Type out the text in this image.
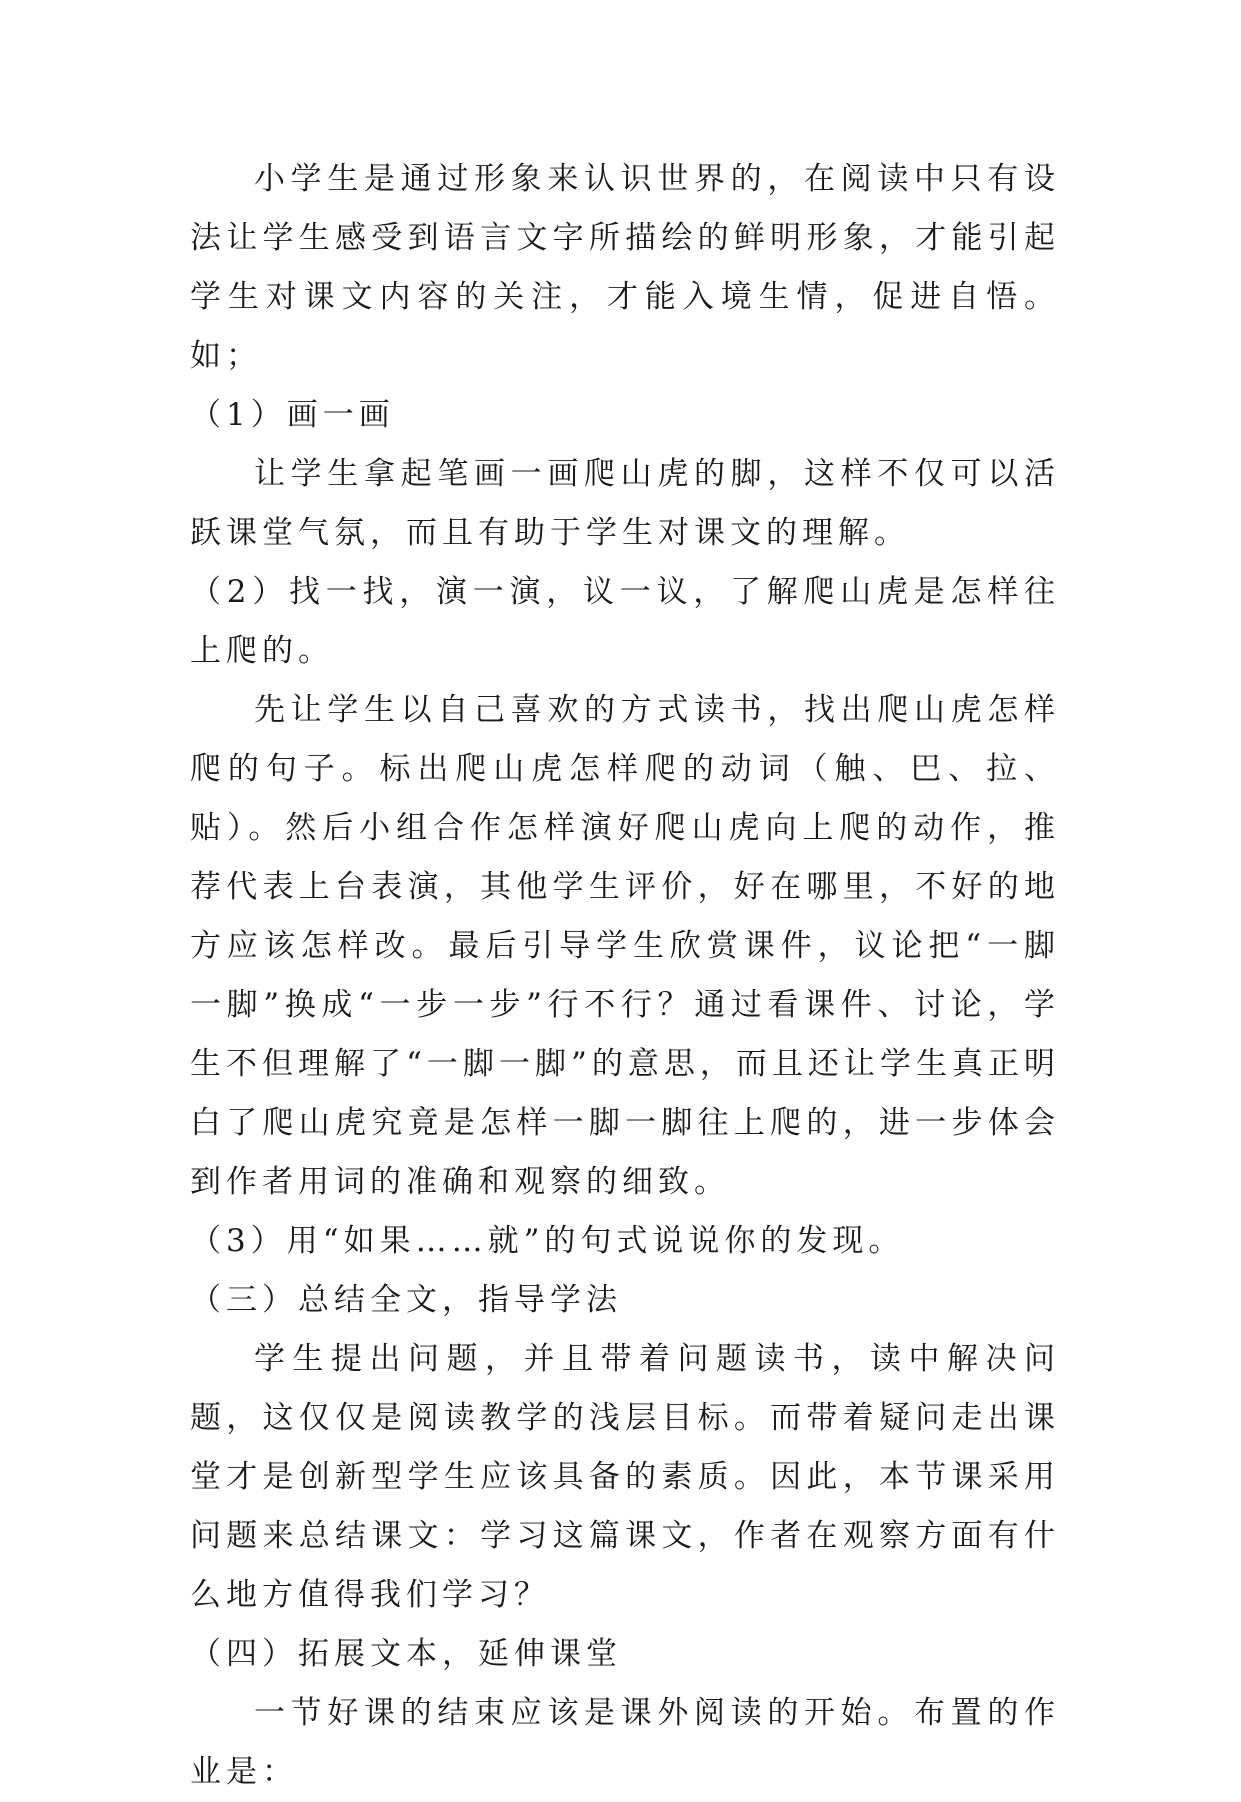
小学生是通过形象来认识世界的，在阅读中只有设法让学生感受到语言文字所描绘的鲜明形象，才能引起学生对课文内容的关注，才能入境生情，促进自悟。如；

（1）画一画

让学生拿起笔画一画爬山虎的脚，这样不仅可以活跃课堂气氛，而且有助于学生对课文的理解。

（2）找一找，演一演，议一议，了解爬山虎是怎样往上爬的。

先让学生以自己喜欢的方式读书，找出爬山虎怎样爬的句子。标出爬山虎怎样爬的动词（触、巴、拉、贴）。然后小组合作怎样演好爬山虎向上爬的动作，推荐代表上台表演，其他学生评价，好在哪里，不好的地方应该怎样改。最后引导学生欣赏课件，议论把“一脚一脚”换成“一步一步”行不行？通过看课件、讨论，学生不但理解了“一脚一脚”的意思，而且还让学生真正明白了爬山虎究竟是怎样一脚一脚往上爬的，进一步体会到作者用词的准确和观察的细致。

（3）用“如果……就”的句式说说你的发现。

（三）总结全文，指导学法

学生提出问题，并且带着问题读书，读中解决问题，这仅仅是阅读教学的浅层目标。而带着疑问走出课堂才是创新型学生应该具备的素质。因此，本节课采用问题来总结课文：学习这篇课文，作者在观察方面有什么地方值得我们学习？

（四）拓展文本，延伸课堂

一节好课的结束应该是课外阅读的开始。布置的作业是：
